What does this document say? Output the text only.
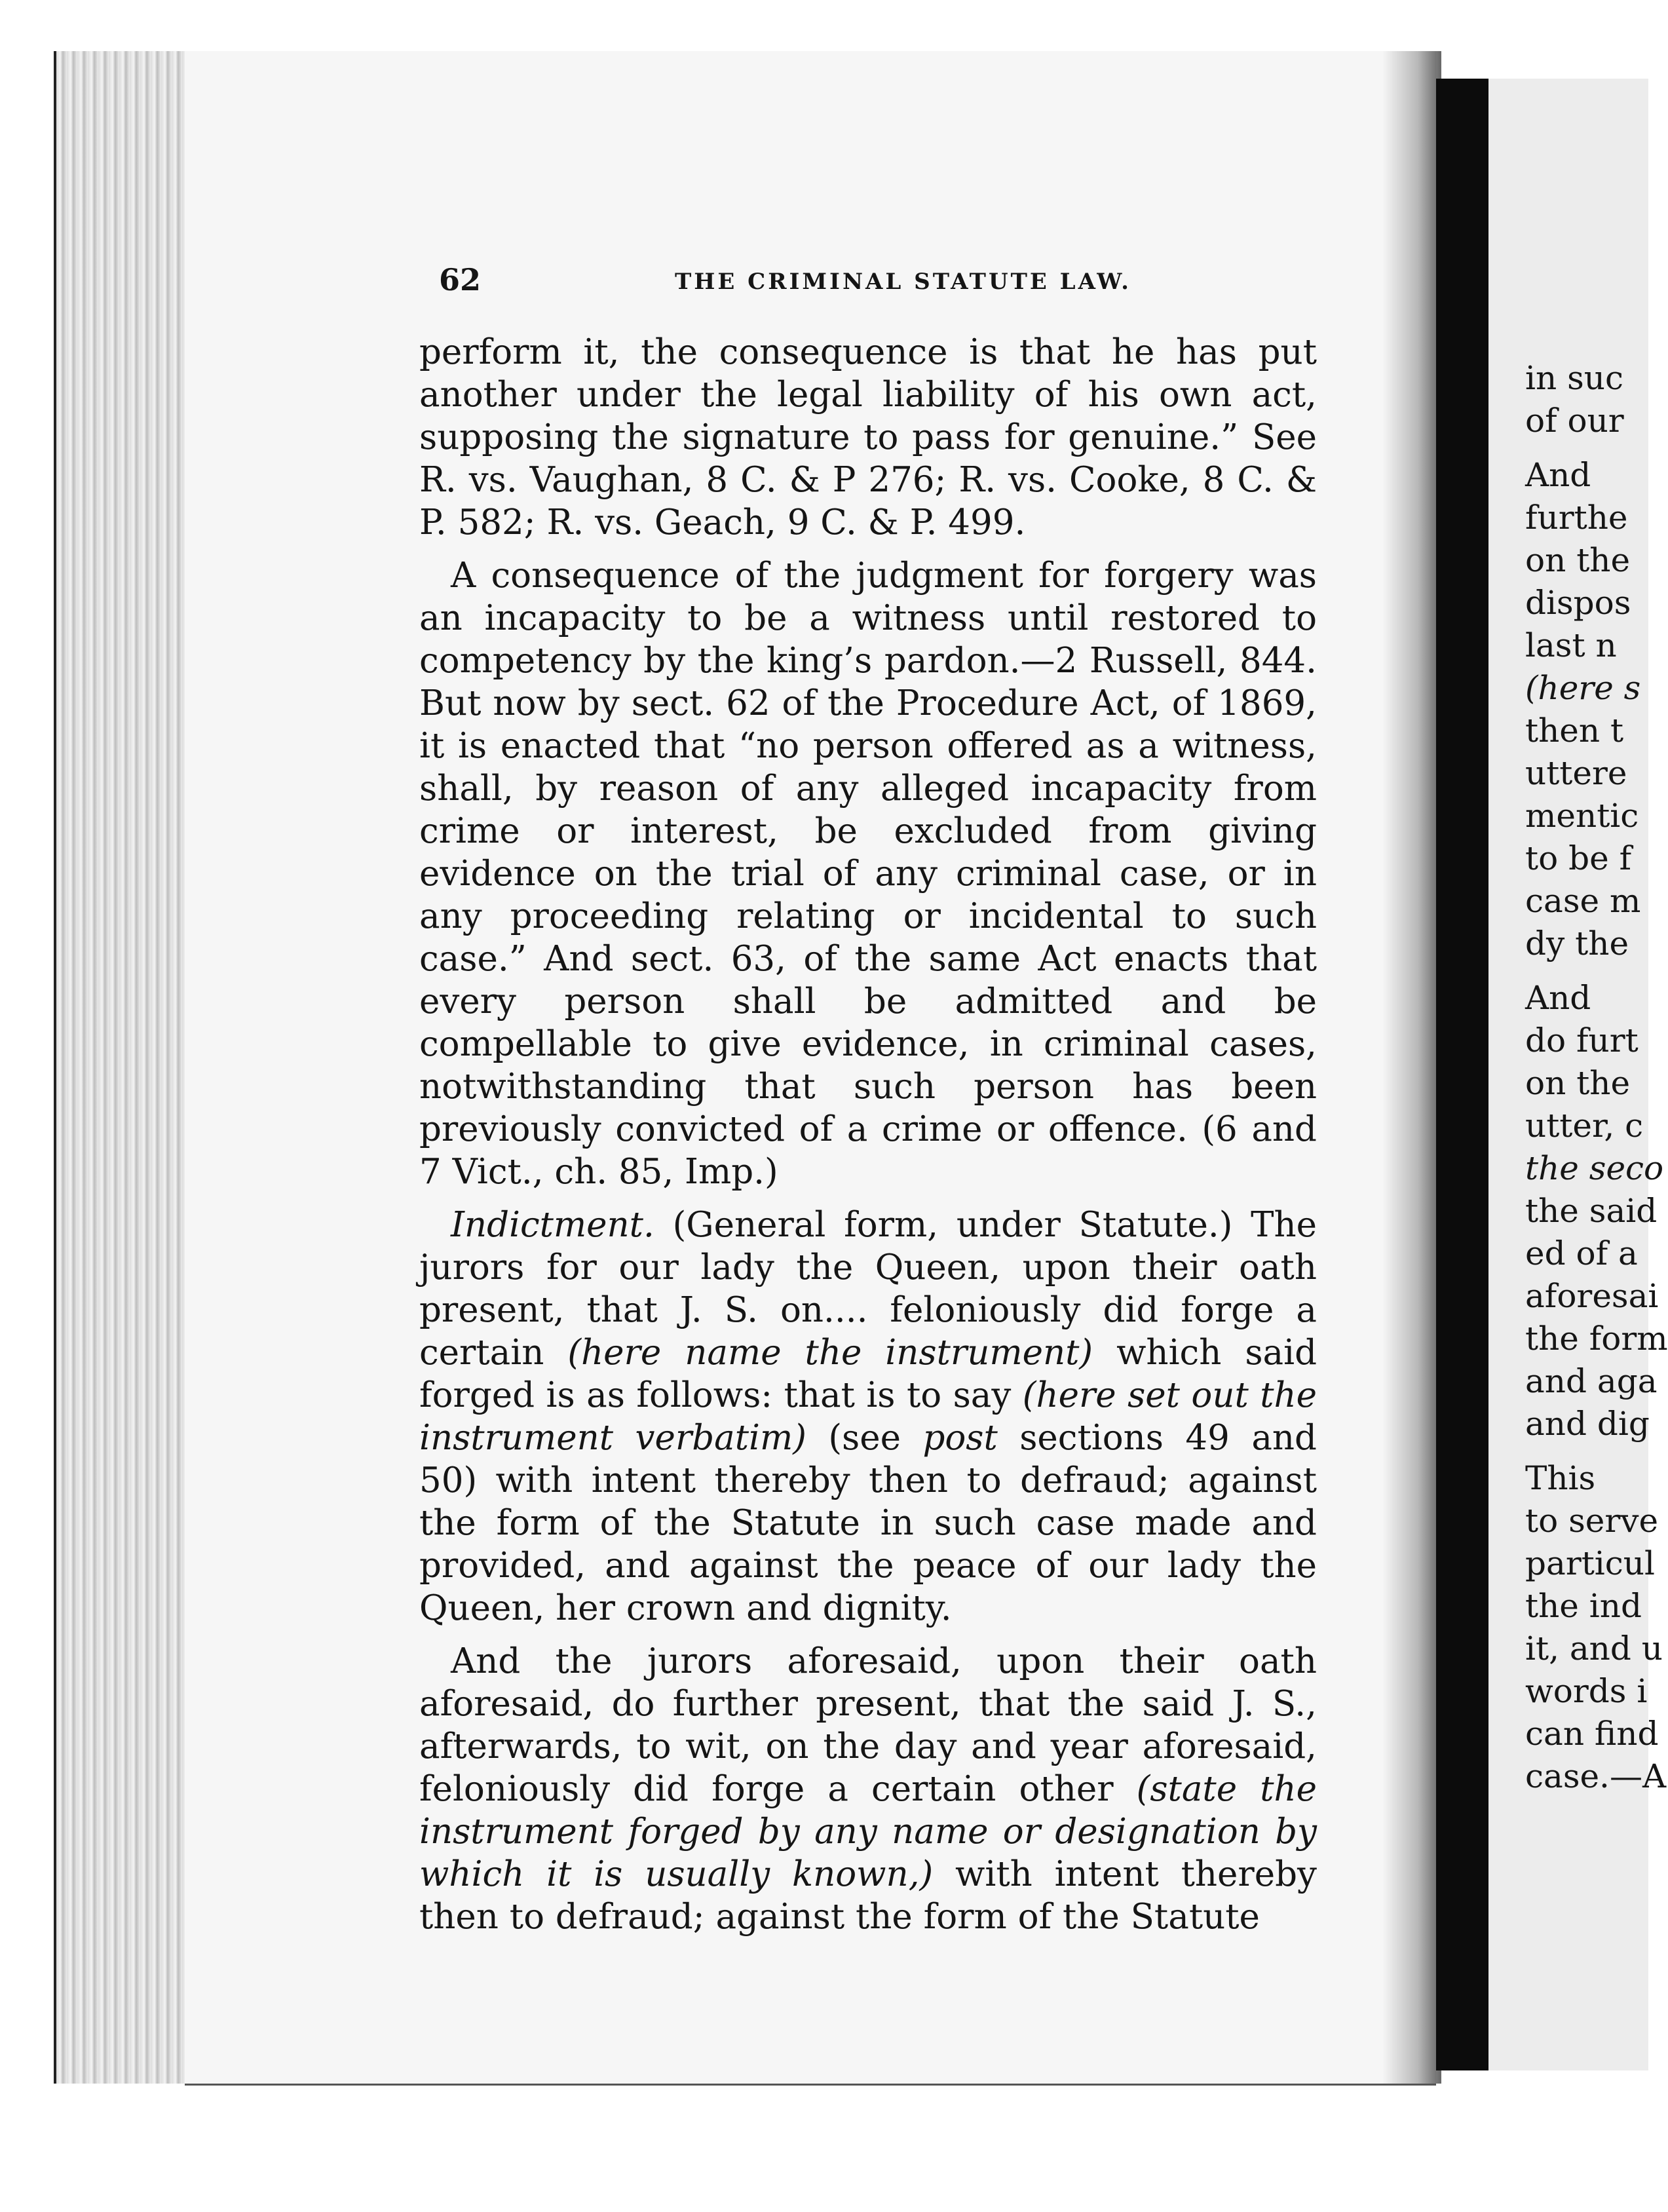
62	THE CRIMINAL STATUTE LAW.

perform it, the consequence is that he has put another under the legal liability of his own act, supposing the signature to pass for genuine.” See R. vs. Vaughan, 8 C. & P 276; R. vs. Cooke, 8 C. & P. 582; R. vs. Geach, 9 C. & P. 499.

A consequence of the judgment for forgery was an incapacity to be a witness until restored to competency by the king’s pardon.—2 Russell, 844. But now by sect. 62 of the Procedure Act, of 1869, it is enacted that “no person offered as a witness, shall, by reason of any alleged incapacity from crime or interest, be excluded from giving evidence on the trial of any criminal case, or in any proceeding relating or incidental to such case.” And sect. 63, of the same Act enacts that every person shall be admitted and be compellable to give evidence, in criminal cases, notwithstanding that such person has been previously convicted of a crime or offence. (6 and 7 Vict., ch. 85, Imp.)

Indictment. (General form, under Statute.) The jurors for our lady the Queen, upon their oath present, that J. S. on.... feloniously did forge a certain (here name the instrument) which said forged is as follows: that is to say (here set out the instrument verbatim) (see post sections 49 and 50) with intent thereby then to defraud; against the form of the Statute in such case made and provided, and against the peace of our lady the Queen, her crown and dignity.

And the jurors aforesaid, upon their oath aforesaid, do further present, that the said J. S., afterwards, to wit, on the day and year aforesaid, feloniously did forge a certain other (state the instrument forged by any name or designation by which it is usually known,) with intent thereby then to defraud; against the form of the Statute

in suc
of our
And
furthe
on the
dispos
last n
(here s
then t
uttere
mentic
to be f
case m
dy the
And
do furt
on the
utter, c
the seco
the said
ed of a
aforesai
the form
and aga
and dig
This
to serve
particul
the ind
it, and u
words i
can find
case.—A
